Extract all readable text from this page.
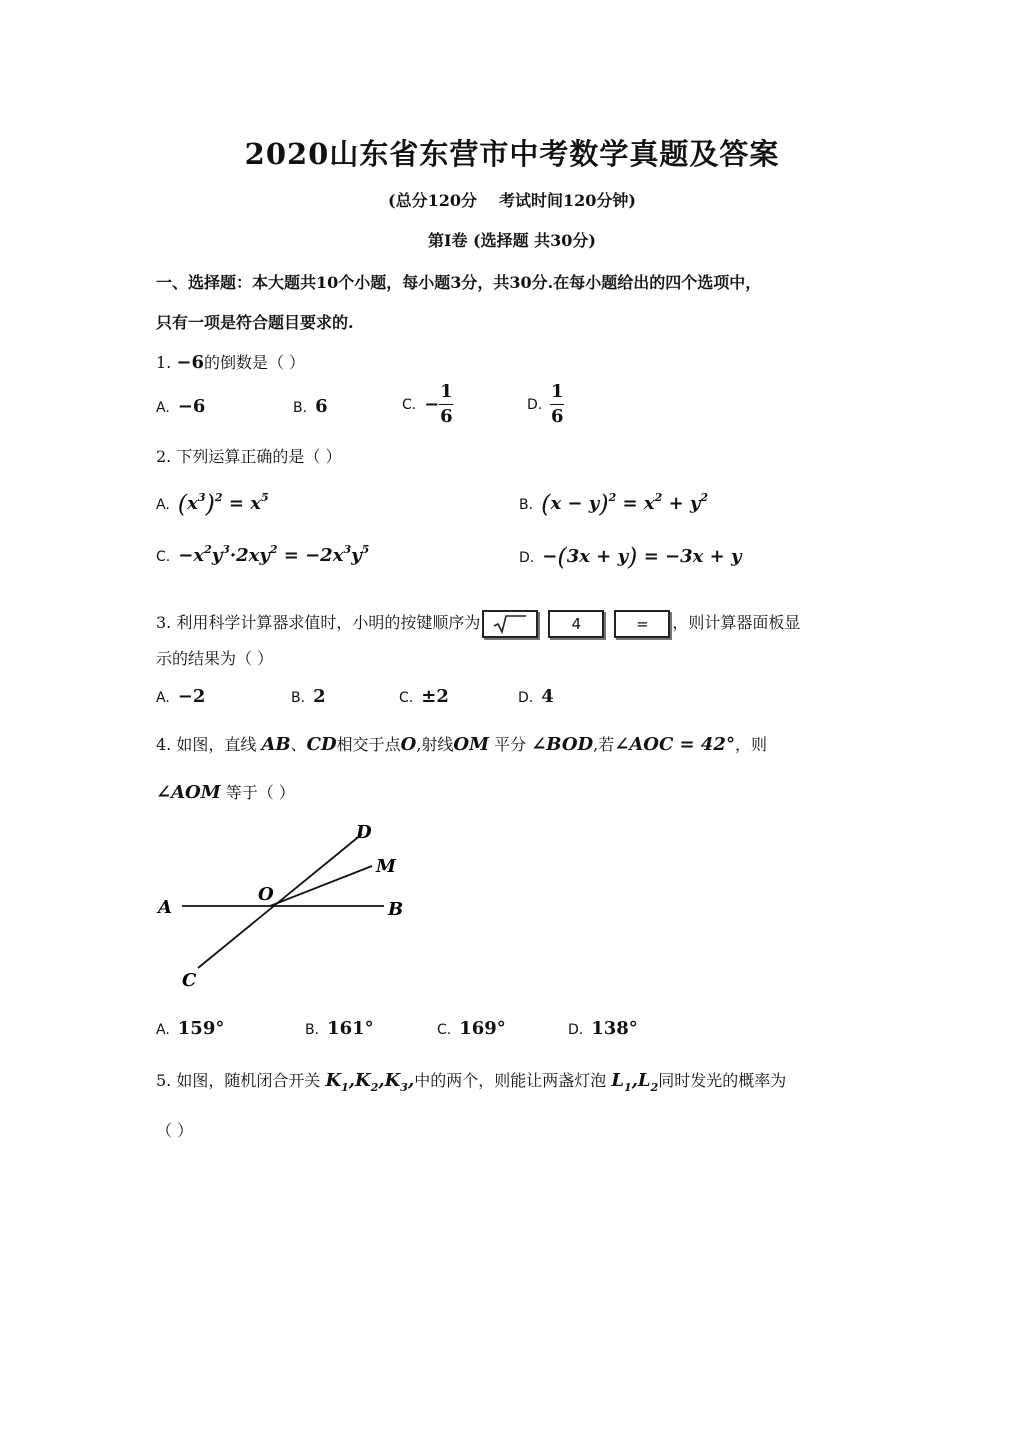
2020山东省东营市中考数学真题及答案
(总分120分 考试时间120分钟)
第Ⅰ卷 (选择题 共30分)
一、选择题：本大题共10个小题，每小题3分，共30分.在每小题给出的四个选项中，
只有一项是符合题目要求的.
1. −6的倒数是（ ）
A. −6	B. 6	C. − $\frac{1}{6}$	D. $\frac{1}{6}$
2. 下列运算正确的是（ ）
A. $(x^3)^2 = x^5$	B. $(x - y)^2 = x^2 + y^2$
C. $-x^2y^3\cdot 2xy^2 = -2x^3y^5$
D. −(3x + y) = −3x + y
3. 利用科学计算器求值时，小明的按键顺序为	4	=	，则计算器面板显
示的结果为（ ）
A. −2	B. 2	C. ±2	D. 4
4. 如图，直线 AB、CD相交于点O,射线OM 平分 ∠BOD,若∠AOC = 42°，则
∠AOM 等于（ ）
A	B
C
D
M
O
A. 159°	B. 161°	C. 169°	D. 138°
5. 如图，随机闭合开关 $K_1,K_2,K_3$,中的两个，则能让两盏灯泡 $L_1,L_2$同时发光的概率为
（ ）
